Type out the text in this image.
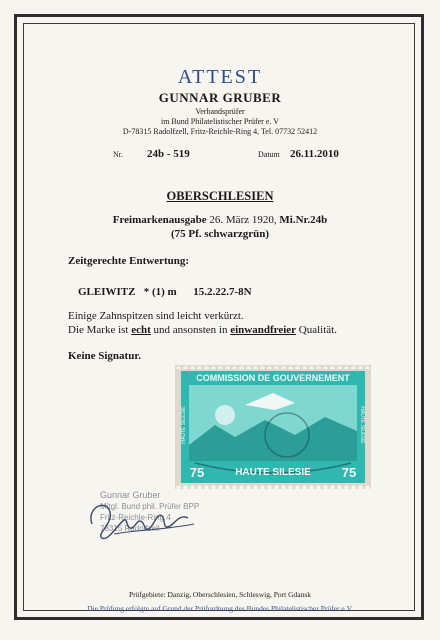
ATTEST
GUNNAR GRUBER
Verbandsprüfer
im Bund Philatelistischer Prüfer e. V
D-78315 Radolfzell, Fritz-Reichle-Ring 4, Tel. 07732 52412
Nr. 24b - 519	Datum 26.11.2010
OBERSCHLESIEN
Freimarkenausgabe 26. März 1920, Mi.Nr.24b
(75 Pf. schwarzgrün)
Zeitgerechte Entwertung:
GLEIWITZ * (1) m 15.2.22.7-8N
Einige Zahnspitzen sind leicht verkürzt.
Die Marke ist echt und ansonsten in einwandfreier Qualität.
Keine Signatur.
COMMISSION DE GOUVERNEMENT
HAUTE SILESIE
75	75
HAUTE SILÉSIE	HAUTE SILÉSIE
Gunnar Gruber
Mitgl. Bund phil. Prüfer BPP
Fritz-Reichle-Ring 4
78315 Radolfzell
Prüfgebiete: Danzig, Oberschlesien, Schleswig, Port Gdansk
Die Prüfung erfolgte auf Grund der Prüfordnung des Bundes Philatelistischer Prüfer e.V.
